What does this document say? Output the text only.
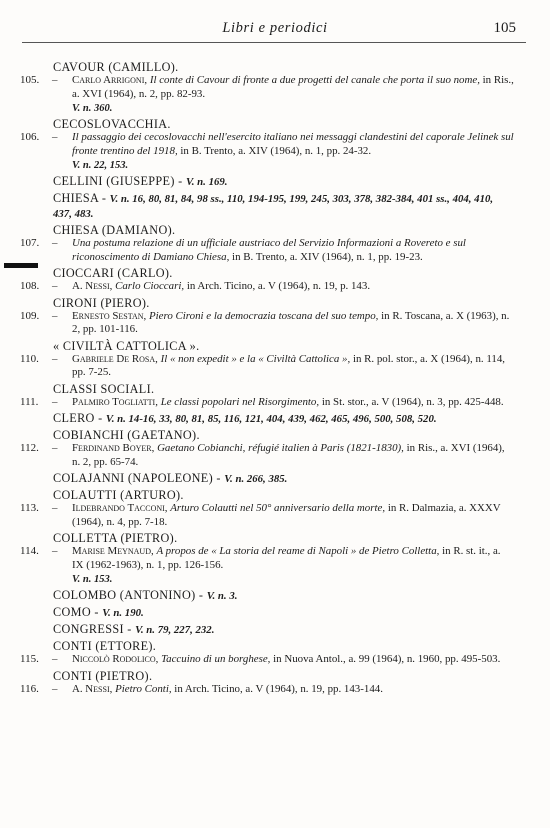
Libri e periodici	105
CAVOUR (CAMILLO).
105. – Carlo Arrigoni, Il conte di Cavour di fronte a due progetti del canale che porta il suo nome, in Ris., a. XVI (1964), n. 2, pp. 82-93.
V. n. 360.
CECOSLOVACCHIA.
106. – Il passaggio dei cecoslovacchi nell'esercito italiano nei messaggi clandestini del caporale Jelinek sul fronte trentino del 1918, in B. Trento, a. XIV (1964), n. 1, pp. 24-32.
V. n. 22, 153.
CELLINI (GIUSEPPE) - V. n. 169.
CHIESA - V. n. 16, 80, 81, 84, 98 ss., 110, 194-195, 199, 245, 303, 378, 382-384, 401 ss., 404, 410, 437, 483.
CHIESA (DAMIANO).
107. – Una postuma relazione di un ufficiale austriaco del Servizio Informazioni a Rovereto e sul riconoscimento di Damiano Chiesa, in B. Trento, a. XIV (1964), n. 1, pp. 19-23.
CIOCCARI (CARLO).
108. – A. Nessi, Carlo Cioccari, in Arch. Ticino, a. V (1964), n. 19, p. 143.
CIRONI (PIERO).
109. – Ernesto Sestan, Piero Cironi e la democrazia toscana del suo tempo, in R. Toscana, a. X (1963), n. 2, pp. 101-116.
« CIVILTÀ CATTOLICA ».
110. – Gabriele De Rosa, Il « non expedit » e la « Civiltà Cattolica », in R. pol. stor., a. X (1964), n. 114, pp. 7-25.
CLASSI SOCIALI.
111. – Palmiro Togliatti, Le classi popolari nel Risorgimento, in St. stor., a. V (1964), n. 3, pp. 425-448.
CLERO - V. n. 14-16, 33, 80, 81, 85, 116, 121, 404, 439, 462, 465, 496, 500, 508, 520.
COBIANCHI (GAETANO).
112. – Ferdinand Boyer, Gaetano Cobianchi, réfugié italien à Paris (1821-1830), in Ris., a. XVI (1964), n. 2, pp. 65-74.
COLAJANNI (NAPOLEONE) - V. n. 266, 385.
COLAUTTI (ARTURO).
113. – Ildebrando Tacconi, Arturo Colautti nel 50° anniversario della morte, in R. Dalmazia, a. XXXV (1964), n. 4, pp. 7-18.
COLLETTA (PIETRO).
114. – Marise Meynaud, A propos de « La storia del reame di Napoli » de Pietro Colletta, in R. st. it., a. IX (1962-1963), n. 1, pp. 126-156.
V. n. 153.
COLOMBO (ANTONINO) - V. n. 3.
COMO - V. n. 190.
CONGRESSI - V. n. 79, 227, 232.
CONTI (ETTORE).
115. – Niccolò Rodolico, Taccuino di un borghese, in Nuova Antol., a. 99 (1964), n. 1960, pp. 495-503.
CONTI (PIETRO).
116. – A. Nessi, Pietro Conti, in Arch. Ticino, a. V (1964), n. 19, pp. 143-144.
